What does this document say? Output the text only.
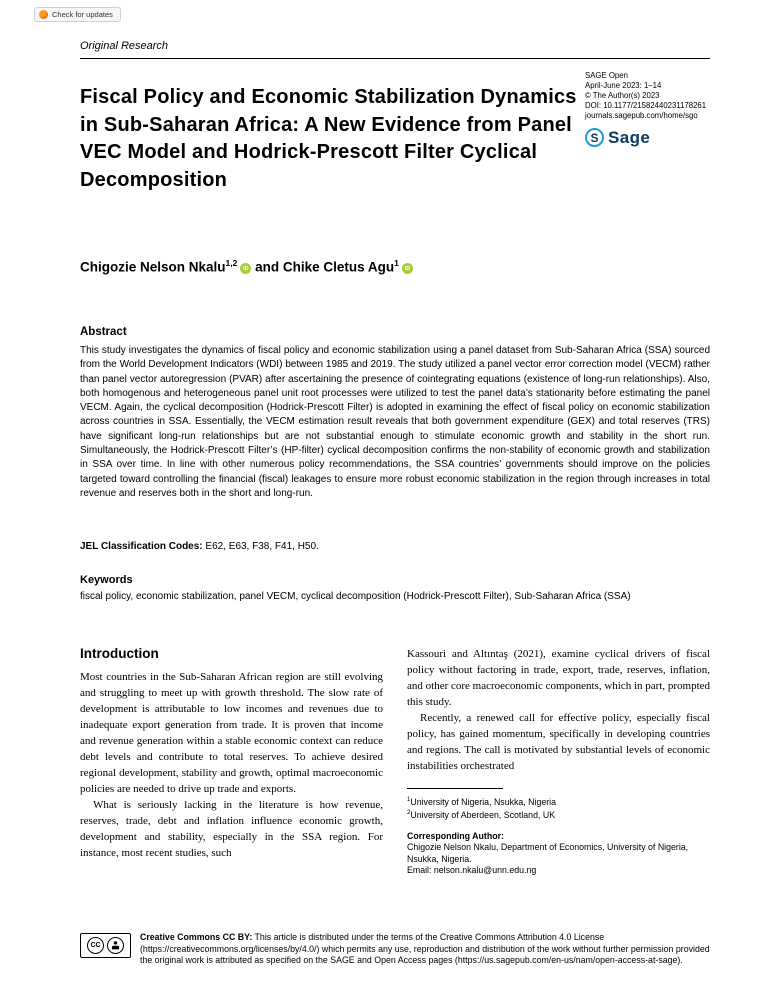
Check for updates
Original Research
SAGE Open
April-June 2023: 1–14
© The Author(s) 2023
DOI: 10.1177/21582440231178261
journals.sagepub.com/home/sgo
S Sage
Fiscal Policy and Economic Stabilization Dynamics in Sub-Saharan Africa: A New Evidence from Panel VEC Model and Hodrick-Prescott Filter Cyclical Decomposition
Chigozie Nelson Nkalu$^{1,2}$iD and Chike Cletus Agu$^1$iD
Abstract

This study investigates the dynamics of fiscal policy and economic stabilization using a panel dataset from Sub-Saharan Africa (SSA) sourced from the World Development Indicators (WDI) between 1985 and 2019. The study utilized a panel vector error correction model (VECM) rather than panel vector autoregression (PVAR) after ascertaining the presence of cointegrating equations (existence of long-run relationships). Also, both homogenous and heterogeneous panel unit root processes were utilized to test the panel data’s stationarity before estimating the panel VECM. Again, the cyclical decomposition (Hodrick-Prescott Filter) is adopted in examining the effect of fiscal policy on economic stabilization across countries in SSA. Essentially, the VECM estimation result reveals that both government expenditure (GEX) and total reserves (TRS) have significant long-run relationships but are not substantial enough to stimulate economic growth and stability in the short run. Simultaneously, the Hodrick-Prescott Filter’s (HP-filter) cyclical decomposition confirms the non-stability of economic growth and stabilization in SSA over time. In line with other numerous policy recommendations, the SSA countries’ governments should improve on the policies targeted toward controlling the financial (fiscal) leakages to ensure more robust economic stabilization in the region through increases in total revenue and reserves both in the short and long-run.

JEL Classification Codes: E62, E63, F38, F41, H50.
Keywords

fiscal policy, economic stabilization, panel VECM, cyclical decomposition (Hodrick-Prescott Filter), Sub-Saharan Africa (SSA)

Introduction

Most countries in the Sub-Saharan African region are still evolving and struggling to meet up with growth threshold. The slow rate of development is attributable to low incomes and revenues due to inadequate export generation from trade. It is proven that income and revenue generation within a stable economic context can reduce debt levels and contribute to total reserves. To achieve desired regional development, stability and growth, optimal macroeconomic policies are needed to drive up trade and exports.

What is seriously lacking in the literature is how revenue, reserves, trade, debt and inflation influence economic growth, development and stability, especially in the SSA region. For instance, most recent studies, such

Kassouri and Altıntaş (2021), examine cyclical drivers of fiscal policy without factoring in trade, export, trade, reserves, inflation, and other core macroeconomic components, which in part, prompted this study.

Recently, a renewed call for effective policy, especially fiscal policy, has gained momentum, specifically in developing countries and regions. The call is motivated by substantial levels of economic instabilities orchestrated

$^1$University of Nigeria, Nsukka, Nigeria
$^2$University of Aberdeen, Scotland, UK
Corresponding Author:
Chigozie Nelson Nkalu, Department of Economics, University of Nigeria, Nsukka, Nigeria.
Email: nelson.nkalu@unn.edu.ng
CC

Creative Commons CC BY: This article is distributed under the terms of the Creative Commons Attribution 4.0 License (https://creativecommons.org/licenses/by/4.0/) which permits any use, reproduction and distribution of the work without further permission provided the original work is attributed as specified on the SAGE and Open Access pages (https://us.sagepub.com/en-us/nam/open-access-at-sage).
